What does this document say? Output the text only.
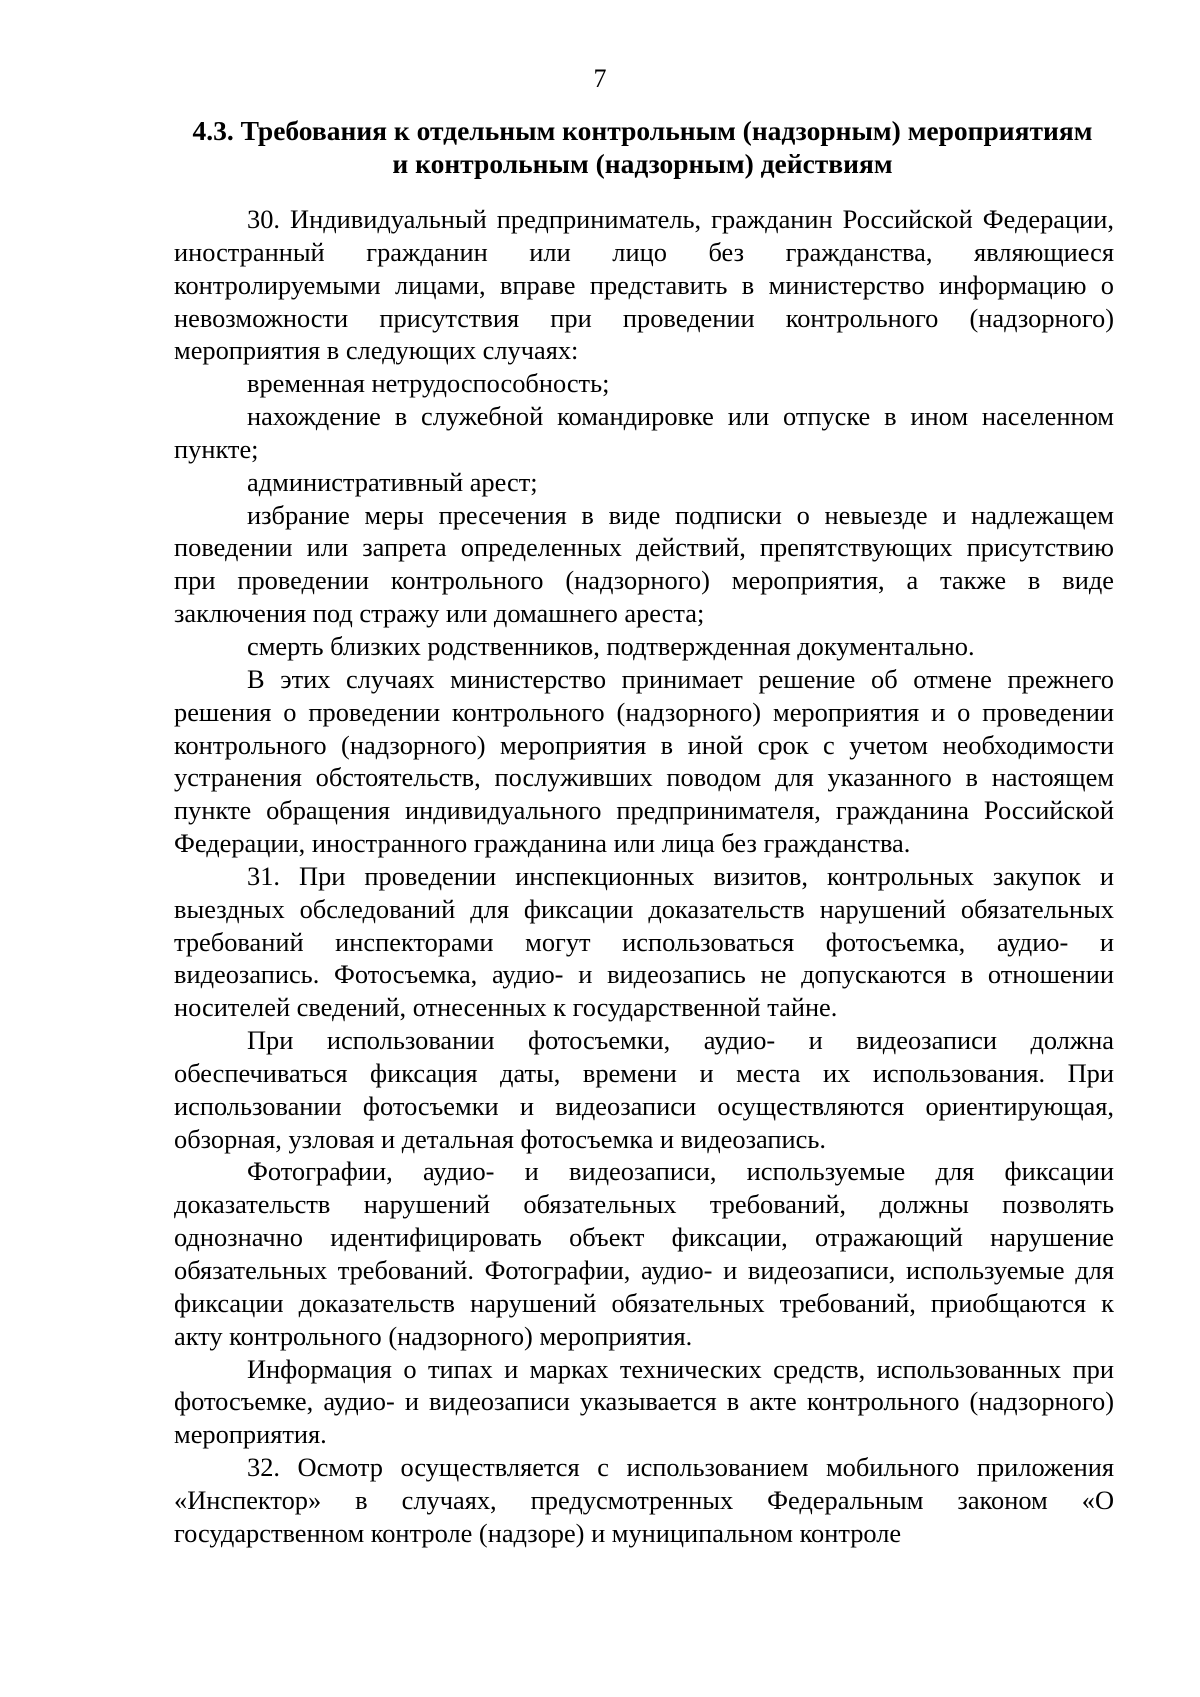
7
4.3. Требования к отдельным контрольным (надзорным) мероприятиям
и контрольным (надзорным) действиям

30. Индивидуальный предприниматель, гражданин Российской Федерации, иностранный гражданин или лицо без гражданства, являющиеся контролируемыми лицами, вправе представить в министерство информацию о невозможности присутствия при проведении контрольного (надзорного) мероприятия в следующих случаях:

временная нетрудоспособность;

нахождение в служебной командировке или отпуске в ином населенном пункте;

административный арест;

избрание меры пресечения в виде подписки о невыезде и надлежащем поведении или запрета определенных действий, препятствующих присутствию при проведении контрольного (надзорного) мероприятия, а также в виде заключения под стражу или домашнего ареста;

смерть близких родственников, подтвержденная документально.

В этих случаях министерство принимает решение об отмене прежнего решения о проведении контрольного (надзорного) мероприятия и о проведении контрольного (надзорного) мероприятия в иной срок с учетом необходимости устранения обстоятельств, послуживших поводом для указанного в настоящем пункте обращения индивидуального предпринимателя, гражданина Российской Федерации, иностранного гражданина или лица без гражданства.

31. При проведении инспекционных визитов, контрольных закупок и выездных обследований для фиксации доказательств нарушений обязательных требований инспекторами могут использоваться фотосъемка, аудио- и видеозапись. Фотосъемка, аудио- и видеозапись не допускаются в отношении носителей сведений, отнесенных к государственной тайне.

При использовании фотосъемки, аудио- и видеозаписи должна обеспечиваться фиксация даты, времени и места их использования. При использовании фотосъемки и видеозаписи осуществляются ориентирующая, обзорная, узловая и детальная фотосъемка и видеозапись.

Фотографии, аудио- и видеозаписи, используемые для фиксации доказательств нарушений обязательных требований, должны позволять однозначно идентифицировать объект фиксации, отражающий нарушение обязательных требований. Фотографии, аудио- и видеозаписи, используемые для фиксации доказательств нарушений обязательных требований, приобщаются к акту контрольного (надзорного) мероприятия.

Информация о типах и марках технических средств, использованных при фотосъемке, аудио- и видеозаписи указывается в акте контрольного (надзорного) мероприятия.

32. Осмотр осуществляется с использованием мобильного приложения «Инспектор» в случаях, предусмотренных Федеральным законом «О государственном контроле (надзоре) и муниципальном контроле
